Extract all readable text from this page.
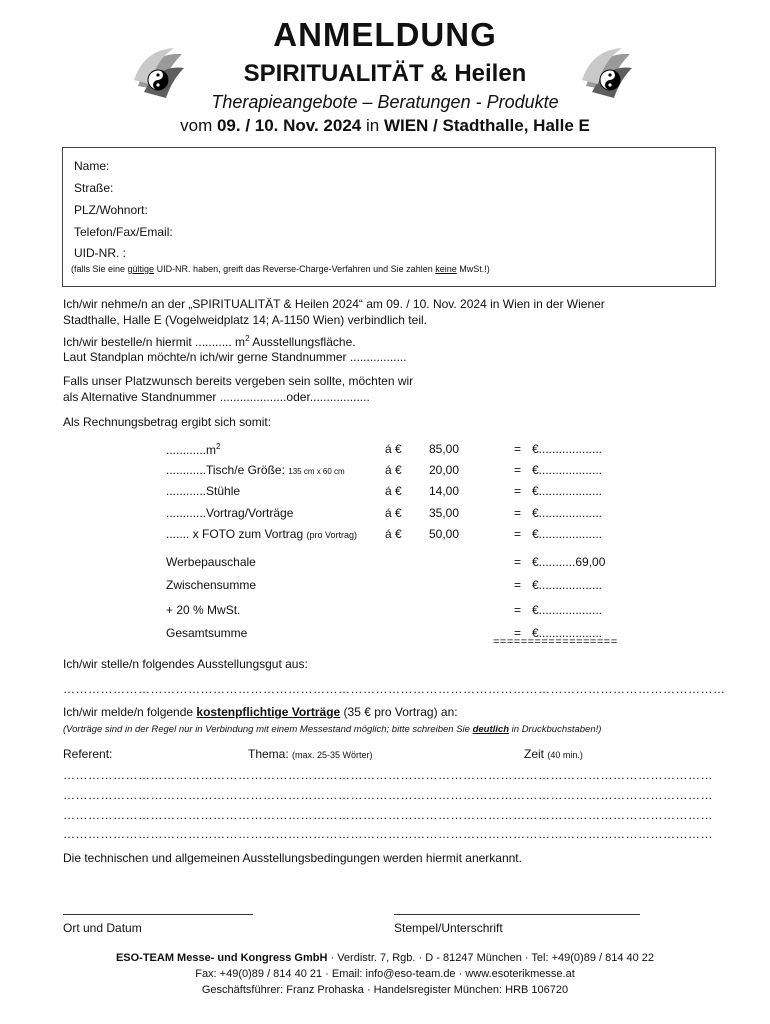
ANMELDUNG
SPIRITUALITÄT & Heilen
Therapieangebote – Beratungen - Produkte
vom 09. / 10. Nov. 2024 in WIEN / Stadthalle, Halle E
Name:
Straße:
PLZ/Wohnort:
Telefon/Fax/Email:
UID-NR. :
(falls Sie eine gültige UID-NR. haben, greift das Reverse-Charge-Verfahren und Sie zahlen keine MwSt.!)
Ich/wir nehme/n an der „SPIRITUALITÄT & Heilen 2024“ am 09. / 10. Nov. 2024 in Wien in der Wiener
Stadthalle, Halle E (Vogelweidplatz 14; A-1150 Wien) verbindlich teil.
Ich/wir bestelle/n hiermit ........... $m^2$ Ausstellungsfläche.
Laut Standplan möchte/n ich/wir gerne Standnummer .................
Falls unser Platzwunsch bereits vergeben sein sollte, möchten wir
als Alternative Standnummer ....................oder..................
Als Rechnungsbetrag ergibt sich somit:
$............m^2$	á €	85,00	= €...................
............Tisch/e Größe: 135 cm x 60 cm	á €	20,00	= €...................
............Stühle	á €	14,00	= €...................
............Vortrag/Vorträge	á €	35,00	= €...................
....... x FOTO zum Vortrag (pro Vortrag) á €	50,00	= €...................
Werbepauschale	= €...........69,00
Zwischensumme	= €...................
+ 20 % MwSt.	= €...................
Gesamtsumme	= €...................
==================
Ich/wir stelle/n folgendes Ausstellungsgut aus:
……………………………………………………………………………………………………………………………………………
Ich/wir melde/n folgende kostenpflichtige Vorträge (35 € pro Vortrag) an:
(Vorträge sind in der Regel nur in Verbindung mit einem Messestand möglich; bitte schreiben Sie deutlich in Druckbuchstaben!)
Referent:	Thema: (max. 25-35 Wörter)	Zeit (40 min.)
…………………………………………………………………………………………………………………………………………
…………………………………………………………………………………………………………………………………………
…………………………………………………………………………………………………………………………………………
…………………………………………………………………………………………………………………………………………
Die technischen und allgemeinen Ausstellungsbedingungen werden hiermit anerkannt.
Ort und Datum	Stempel/Unterschrift
ESO-TEAM Messe- und Kongress GmbH · Verdistr. 7, Rgb. · D - 81247 München · Tel: +49(0)89 / 814 40 22
Fax: +49(0)89 / 814 40 21 · Email: info@eso-team.de · www.esoterikmesse.at
Geschäftsführer: Franz Prohaska · Handelsregister München: HRB 106720
